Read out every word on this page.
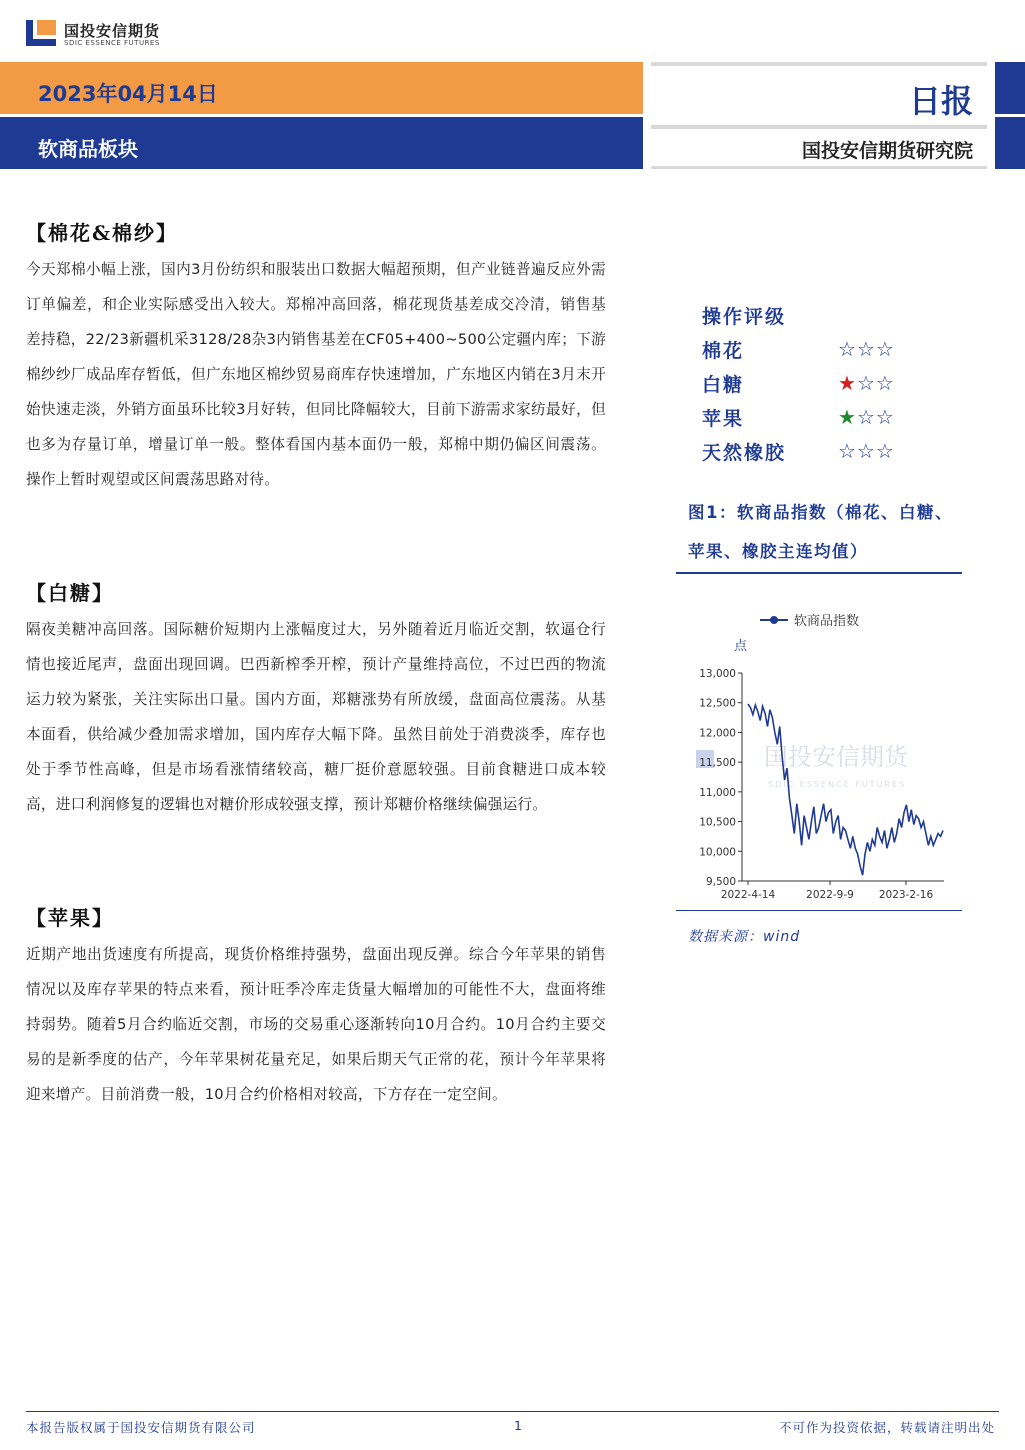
国投安信期货
SDIC ESSENCE FUTURES
2023年04月14日
软商品板块
日报
国投安信期货研究院
【棉花&棉纱】
今天郑棉小幅上涨，国内3月份纺织和服装出口数据大幅超预期，但产业链普遍反应外需订单偏差，和企业实际感受出入较大。郑棉冲高回落，棉花现货基差成交冷清，销售基差持稳，22/23新疆机采3128/28杂3内销售基差在CF05+400~500公定疆内库；下游棉纱纱厂成品库存暂低，但广东地区棉纱贸易商库存快速增加，广东地区内销在3月末开始快速走淡，外销方面虽环比较3月好转，但同比降幅较大，目前下游需求家纺最好，但也多为存量订单，增量订单一般。整体看国内基本面仍一般，郑棉中期仍偏区间震荡。操作上暂时观望或区间震荡思路对待。
【白糖】
隔夜美糖冲高回落。国际糖价短期内上涨幅度过大，另外随着近月临近交割，软逼仓行情也接近尾声，盘面出现回调。巴西新榨季开榨，预计产量维持高位，不过巴西的物流运力较为紧张，关注实际出口量。国内方面，郑糖涨势有所放缓，盘面高位震荡。从基本面看，供给减少叠加需求增加，国内库存大幅下降。虽然目前处于消费淡季，库存也处于季节性高峰，但是市场看涨情绪较高，糖厂挺价意愿较强。目前食糖进口成本较高，进口利润修复的逻辑也对糖价形成较强支撑，预计郑糖价格继续偏强运行。
【苹果】
近期产地出货速度有所提高，现货价格维持强势，盘面出现反弹。综合今年苹果的销售情况以及库存苹果的特点来看，预计旺季冷库走货量大幅增加的可能性不大，盘面将维持弱势。随着5月合约临近交割，市场的交易重心逐渐转向10月合约。10月合约主要交易的是新季度的估产，今年苹果树花量充足，如果后期天气正常的花，预计今年苹果将迎来增产。目前消费一般，10月合约价格相对较高，下方存在一定空间。
操作评级
棉花	☆☆☆
白糖	★☆☆
苹果	★☆☆
天然橡胶	☆☆☆
图1：软商品指数（棉花、白糖、苹果、橡胶主连均值）
国投安信期货
SDIC ESSENCE FUTURES
软商品指数
点
9,500
10,000
10,500
11,000
11,500
12,000
12,500
13,000
2022-4-14	2022-9-9 2023-2-16
数据来源：wind
本报告版权属于国投安信期货有限公司	1	不可作为投资依据，转载请注明出处
